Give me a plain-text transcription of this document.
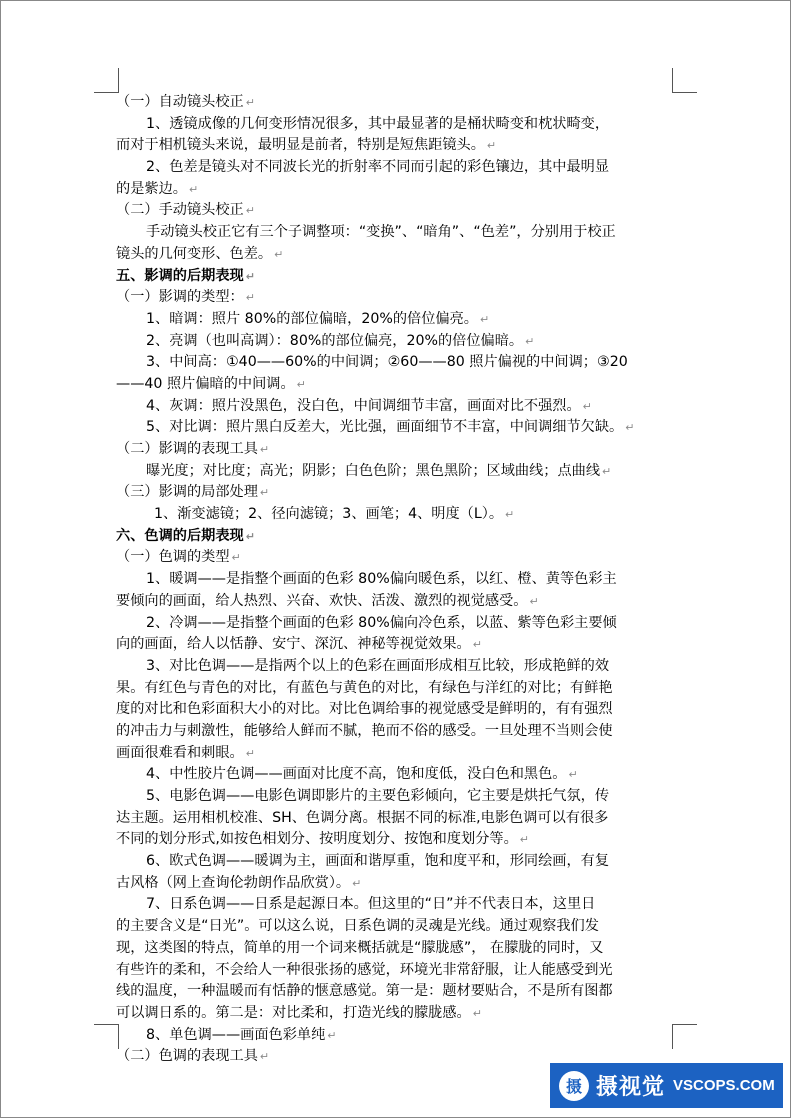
（一）自动镜头校正 ↵
1、透镜成像的几何变形情况很多，其中最显著的是桶状畸变和枕状畸变，
而对于相机镜头来说，最明显是前者，特别是短焦距镜头。 ↵
2、色差是镜头对不同波长光的折射率不同而引起的彩色镶边，其中最明显
的是紫边。 ↵
（二）手动镜头校正 ↵
手动镜头校正它有三个子调整项：“变换”、“暗角”、“色差”，分别用于校正
镜头的几何变形、色差。 ↵
五、影调的后期表现 ↵
（一）影调的类型： ↵
1、暗调：照片 80%的部位偏暗，20%的倍位偏亮。 ↵
2、亮调（也叫高调）：80%的部位偏亮，20%的倍位偏暗。 ↵
3、中间高：①40——60%的中间调；②60——80 照片偏视的中间调；③20
——40 照片偏暗的中间调。 ↵
4、灰调：照片没黑色，没白色，中间调细节丰富，画面对比不强烈。 ↵
5、对比调：照片黑白反差大，光比强，画面细节不丰富，中间调细节欠缺。 ↵
（二）影调的表现工具 ↵
曝光度；对比度；高光；阴影；白色色阶；黑色黑阶；区域曲线；点曲线 ↵
（三）影调的局部处理 ↵
1、渐变滤镜；2、径向滤镜；3、画笔；4、明度（L）。 ↵
六、色调的后期表现 ↵
（一）色调的类型 ↵
1、暖调——是指整个画面的色彩 80%偏向暖色系，以红、橙、黄等色彩主
要倾向的画面，给人热烈、兴奋、欢快、活泼、激烈的视觉感受。 ↵
2、冷调——是指整个画面的色彩 80%偏向冷色系，以蓝、紫等色彩主要倾
向的画面，给人以恬静、安宁、深沉、神秘等视觉效果。 ↵
3、对比色调——是指两个以上的色彩在画面形成相互比较，形成艳鲜的效
果。有红色与青色的对比，有蓝色与黄色的对比，有绿色与洋红的对比；有鲜艳
度的对比和色彩面积大小的对比。对比色调给事的视觉感受是鲜明的，有有强烈
的冲击力与刺激性，能够给人鲜而不腻，艳而不俗的感受。一旦处理不当则会使
画面很难看和刺眼。 ↵
4、中性胶片色调——画面对比度不高，饱和度低，没白色和黑色。 ↵
5、电影色调——电影色调即影片的主要色彩倾向，它主要是烘托气氛，传
达主题。运用相机校准、SH、色调分离。根据不同的标准,电影色调可以有很多
不同的划分形式,如按色相划分、按明度划分、按饱和度划分等。 ↵
6、欧式色调——暖调为主，画面和谐厚重，饱和度平和，形同绘画，有复
古风格（网上查询伦勃朗作品欣赏）。 ↵
7、日系色调——日系是起源日本。但这里的“日”并不代表日本，这里日
的主要含义是“日光”。可以这么说，日系色调的灵魂是光线。通过观察我们发
现，这类图的特点，简单的用一个词来概括就是“朦胧感”， 在朦胧的同时，又
有些许的柔和，不会给人一种很张扬的感觉，环境光非常舒服，让人能感受到光
线的温度，一种温暖而有恬静的惬意感觉。第一是：题材要贴合，不是所有图都
可以调日系的。第二是：对比柔和，打造光线的朦胧感。 ↵
8、单色调——画面色彩单纯 ↵
（二）色调的表现工具 ↵
摄 摄视觉 VSCOPS.COM
